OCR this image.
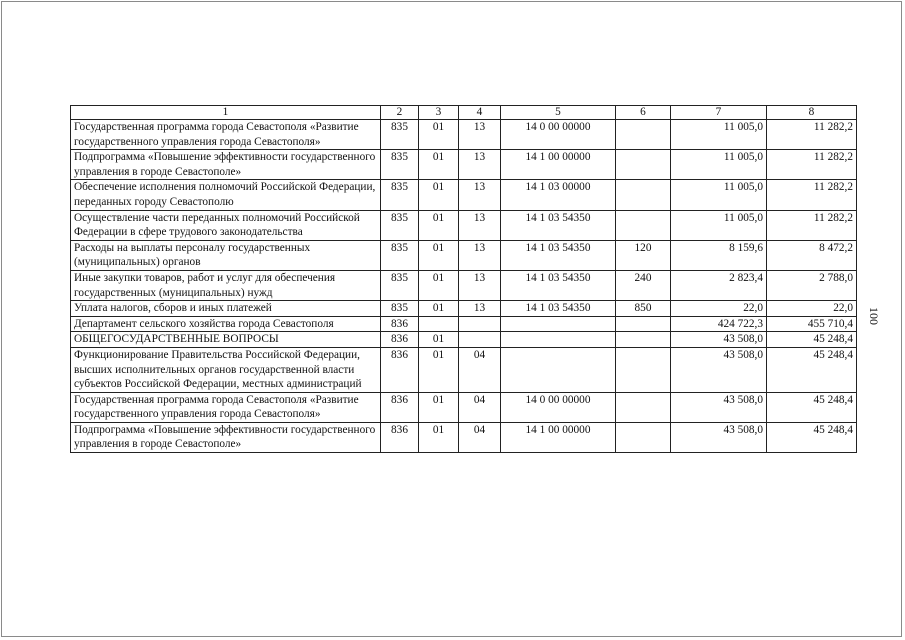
1	2	3	4	5	6	7	8
Государственная программа города Севастополя «Развитие государственного управления города Севастополя»	835	01	13	14 0 00 00000		11 005,0	11 282,2
Подпрограмма «Повышение эффективности государственного управления в городе Севастополе»	835	01	13	14 1 00 00000		11 005,0	11 282,2
Обеспечение исполнения полномочий Российской Федерации, переданных городу Севастополю	835	01	13	14 1 03 00000		11 005,0	11 282,2
Осуществление части переданных полномочий Российской Федерации в сфере трудового законодательства	835	01	13	14 1 03 54350		11 005,0	11 282,2
Расходы на выплаты персоналу государственных (муниципальных) органов	835	01	13	14 1 03 54350	120	8 159,6	8 472,2
Иные закупки товаров, работ и услуг для обеспечения государственных (муниципальных) нужд	835	01	13	14 1 03 54350	240	2 823,4	2 788,0
Уплата налогов, сборов и иных платежей	835	01	13	14 1 03 54350	850	22,0	22,0
Департамент сельского хозяйства города Севастополя	836					424 722,3	455 710,4
ОБЩЕГОСУДАРСТВЕННЫЕ ВОПРОСЫ	836	01				43 508,0	45 248,4
Функционирование Правительства Российской Федерации, высших исполнительных органов государственной власти субъектов Российской Федерации, местных администраций	836	01	04			43 508,0	45 248,4
Государственная программа города Севастополя «Развитие государственного управления города Севастополя»	836	01	04	14 0 00 00000		43 508,0	45 248,4
Подпрограмма «Повышение эффективности государственного управления в городе Севастополе»	836	01	04	14 1 00 00000		43 508,0	45 248,4
100
